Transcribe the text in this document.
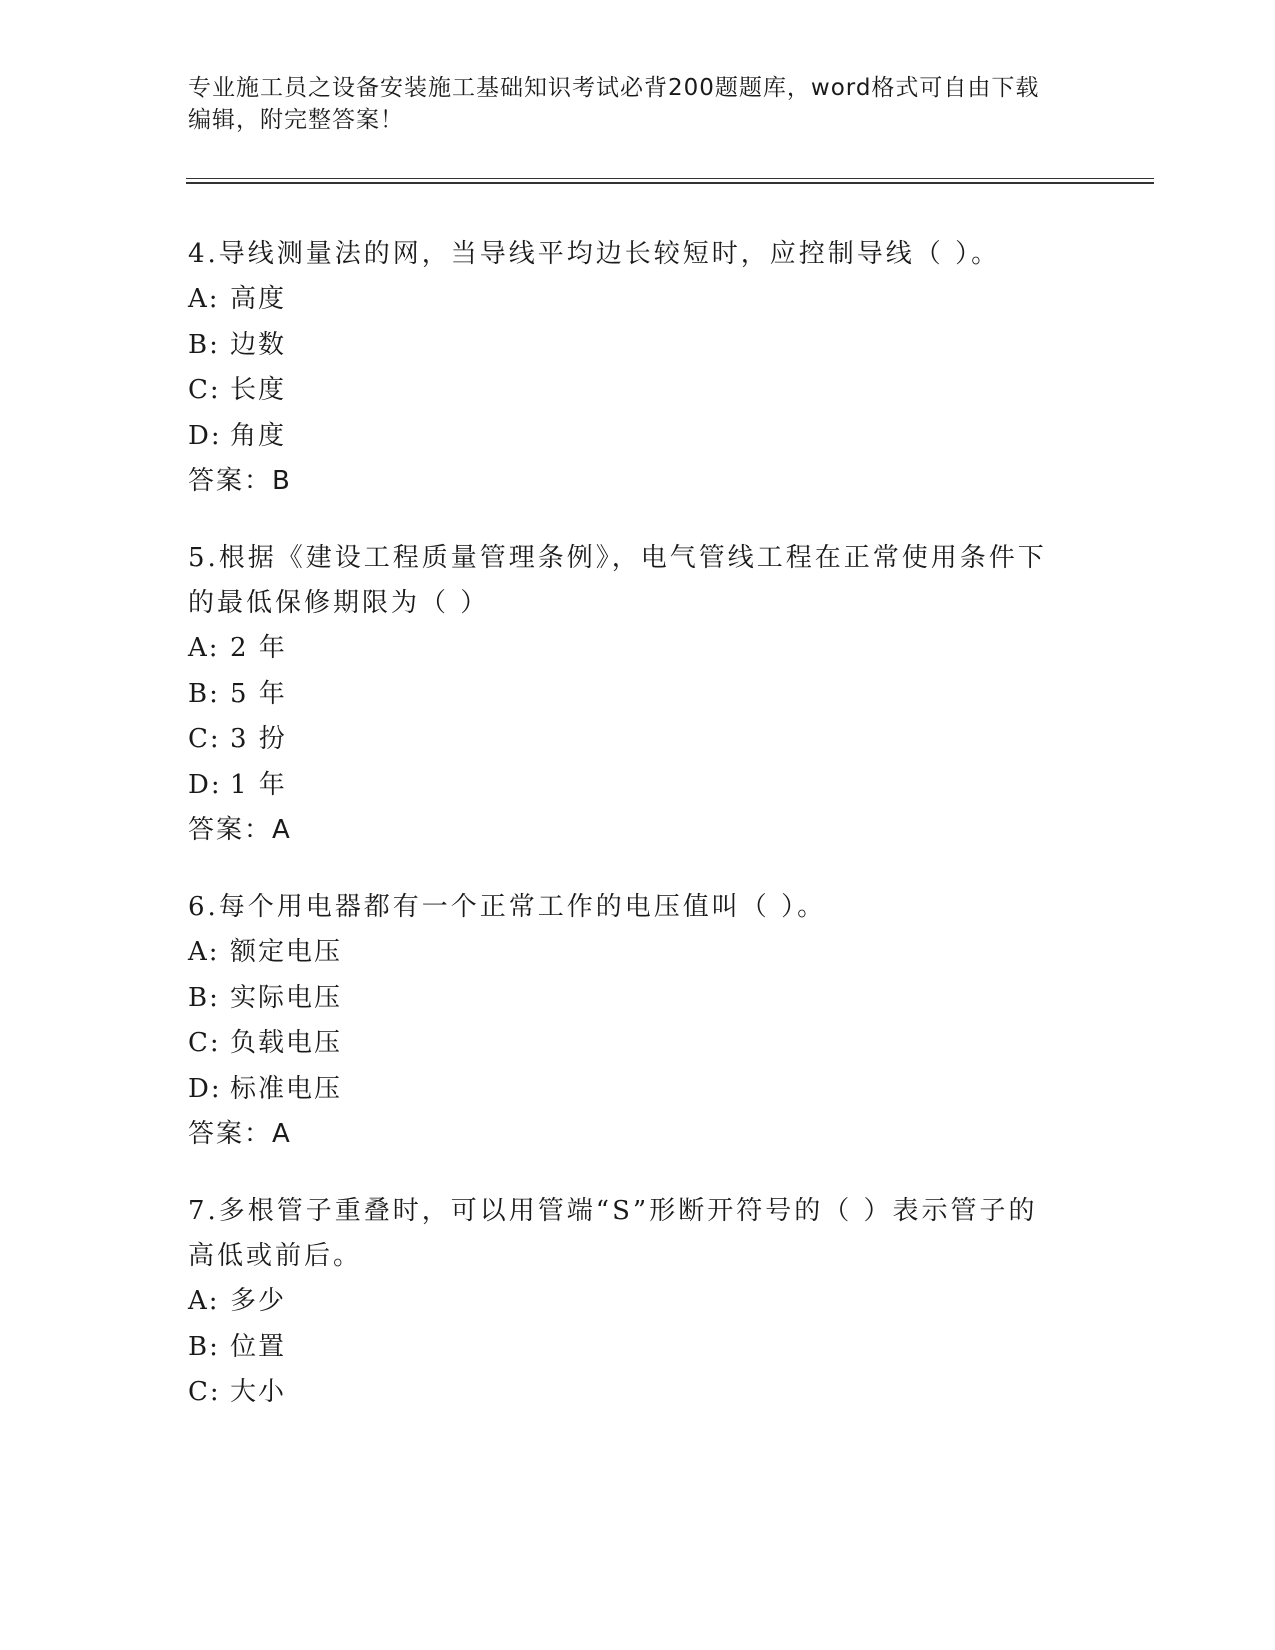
专业施工员之设备安装施工基础知识考试必背200题题库，word格式可自由下载
编辑，附完整答案！

4.导线测量法的网，当导线平均边长较短时，应控制导线（ ）。

A: 高度
B: 边数
C: 长度
D: 角度

答案：B

5.根据《建设工程质量管理条例》，电气管线工程在正常使用条件下

的最低保修期限为（ ）

A: 2 年
B: 5 年
C: 3 扮
D: 1 年

答案：A

6.每个用电器都有一个正常工作的电压值叫（ ）。

A: 额定电压
B: 实际电压
C: 负载电压
D: 标准电压

答案：A

7.多根管子重叠时，可以用管端“S”形断开符号的（ ）表示管子的

高低或前后。

A: 多少
B: 位置
C: 大小
